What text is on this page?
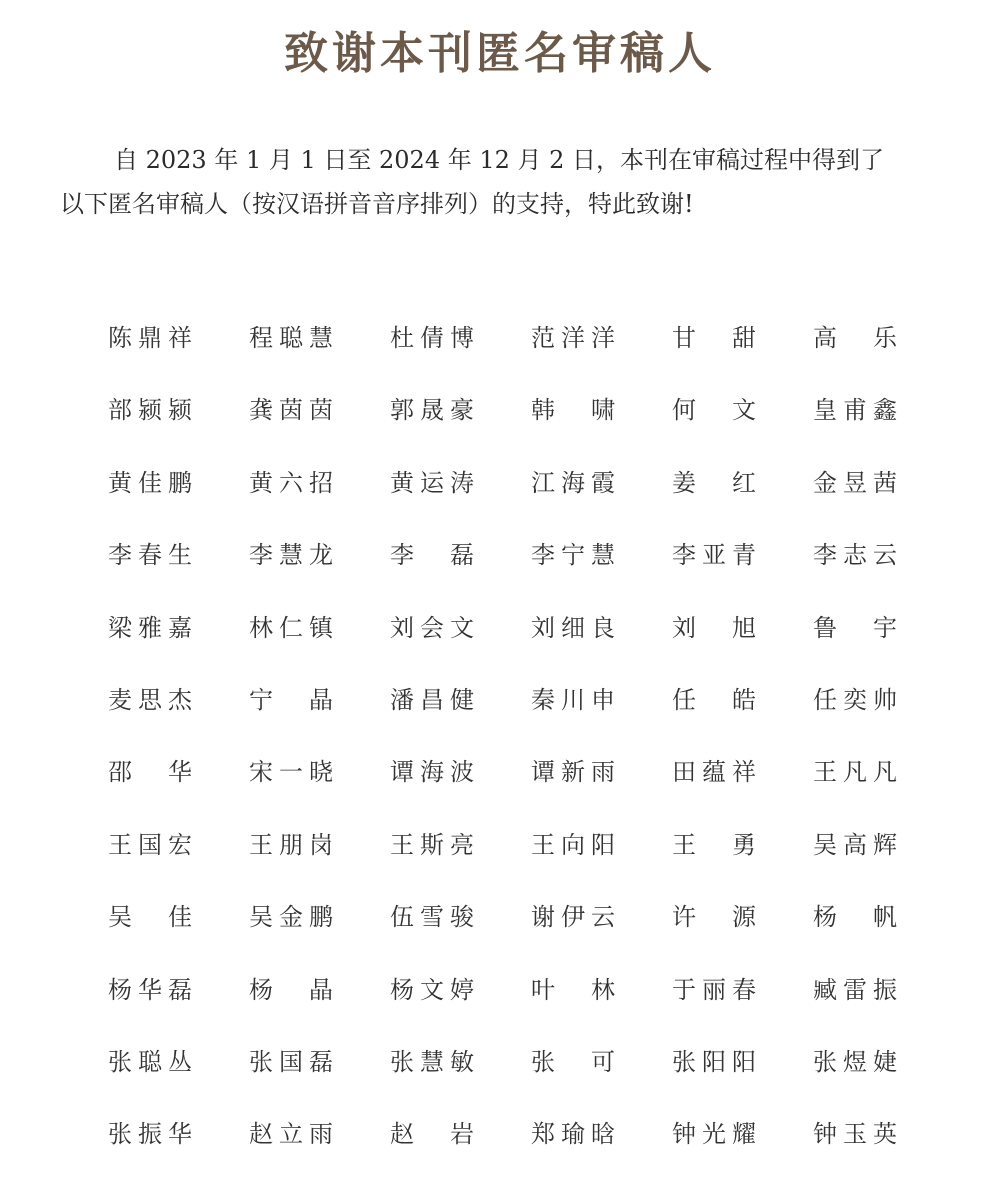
致谢本刊匿名审稿人

自 2023 年 1 月 1 日至 2024 年 12 月 2 日，本刊在审稿过程中得到了

以下匿名审稿人（按汉语拼音音序排列）的支持，特此致谢!

陈鼎祥 程聪慧 杜倩博 范洋洋 甘 甜 高 乐
部颍颍 龚茵茵 郭晟豪 韩 啸 何 文 皇甫鑫
黄佳鹏 黄六招 黄运涛 江海霞 姜 红 金昱茜
李春生 李慧龙 李 磊 李宁慧 李亚青 李志云
梁雅嘉 林仁镇 刘会文 刘细良 刘 旭 鲁 宇
麦思杰 宁 晶 潘昌健 秦川申 任 皓 任奕帅
邵 华 宋一晓 谭海波 谭新雨 田蕴祥 王凡凡
王国宏 王朋岗 王斯亮 王向阳 王 勇 吴高辉
吴 佳 吴金鹏 伍雪骏 谢伊云 许 源 杨 帆
杨华磊 杨 晶 杨文婷 叶 林 于丽春 臧雷振
张聪丛 张国磊 张慧敏 张 可 张阳阳 张煜婕
张振华 赵立雨 赵 岩 郑瑜晗 钟光耀 钟玉英
